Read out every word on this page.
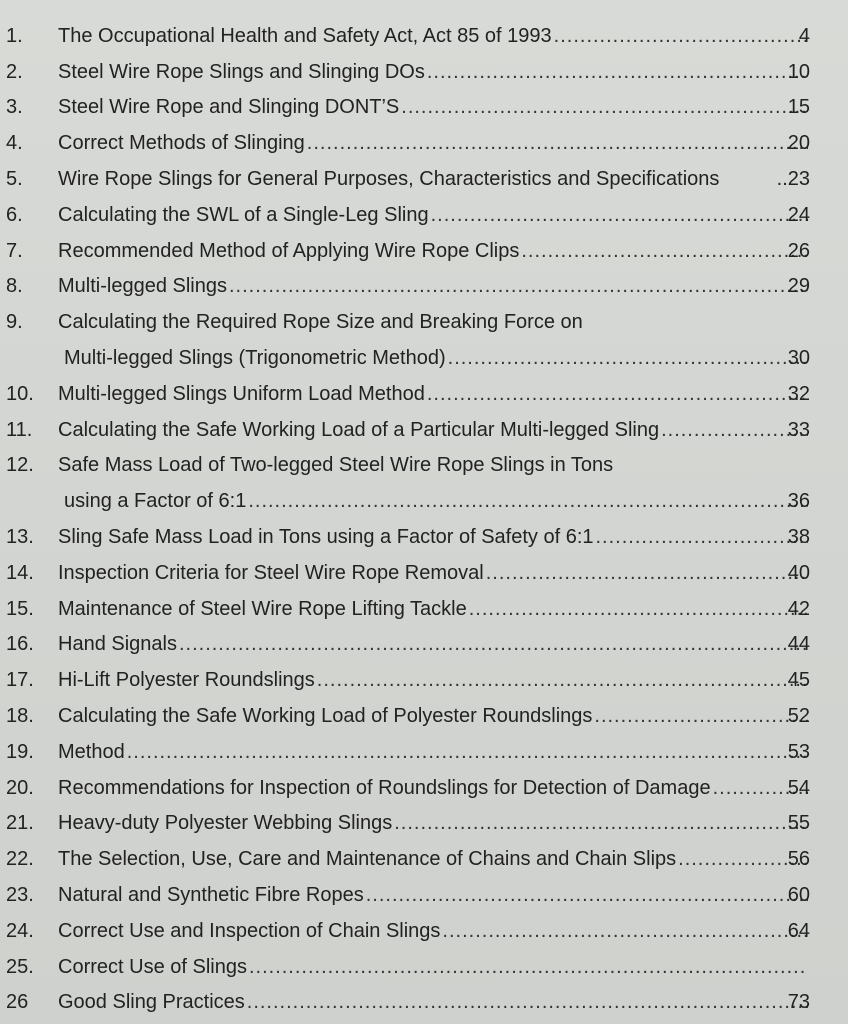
1.	The Occupational Health and Safety Act, Act 85 of 1993 .....	4
2.	Steel Wire Rope Slings and Slinging DOs .....	10
3.	Steel Wire Rope and Slinging DONT’S .....	15
4.	Correct Methods of Slinging .....	20
5.	Wire Rope Slings for General Purposes, Characteristics and Specifications	..23
6.	Calculating the SWL of a Single-Leg Sling .....	24
7.	Recommended Method of Applying Wire Rope Clips .....	26
8.	Multi-legged Slings .....	29
9.	Calculating the Required Rope Size and Breaking Force on
Multi-legged Slings (Trigonometric Method) .....	30
10.	Multi-legged Slings Uniform Load Method .....	32
11.	Calculating the Safe Working Load of a Particular Multi-legged Sling .....	33
12.	Safe Mass Load of Two-legged Steel Wire Rope Slings in Tons
using a Factor of 6:1 .....	36
13.	Sling Safe Mass Load in Tons using a Factor of Safety of 6:1 .....	38
14.	Inspection Criteria for Steel Wire Rope Removal .....	40
15.	Maintenance of Steel Wire Rope Lifting Tackle .....	42
16.	Hand Signals .....	44
17.	Hi-Lift Polyester Roundslings .....	45
18.	Calculating the Safe Working Load of Polyester Roundslings .....	52
19.	Method .....	53
20.	Recommendations for Inspection of Roundslings for Detection of Damage .....	54
21.	Heavy-duty Polyester Webbing Slings .....	55
22.	The Selection, Use, Care and Maintenance of Chains and Chain Slips .....	56
23.	Natural and Synthetic Fibre Ropes .....	60
24.	Correct Use and Inspection of Chain Slings .....	64
25.	Correct Use of Slings
.....
26	Good Sling Practices .....	73
